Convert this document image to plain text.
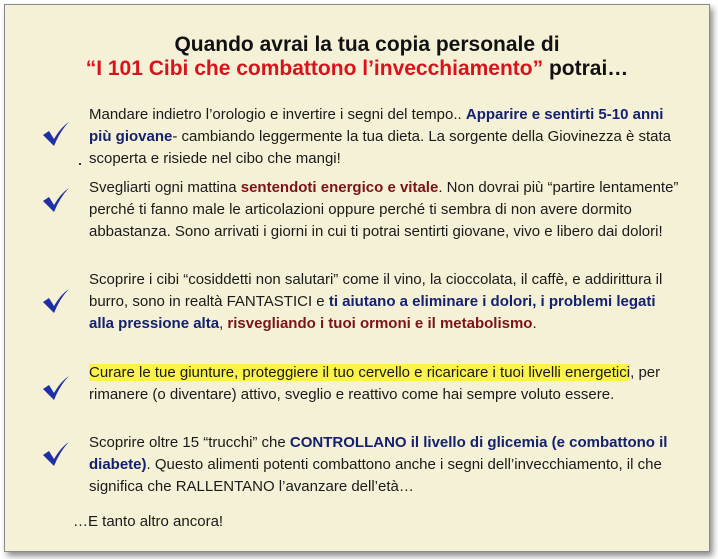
Quando avrai la tua copia personale di
“I 101 Cibi che combattono l’invecchiamento” potrai…
Mandare indietro l’orologio e invertire i segni del tempo.. Apparire e sentirti 5-10 anni più giovane- cambiando leggermente la tua dieta. La sorgente della Giovinezza è stata scoperta e risiede nel cibo che mangi!
Svegliarti ogni mattina sentendoti energico e vitale. Non dovrai più “partire lentamente” perché ti fanno male le articolazioni oppure perché ti sembra di non avere dormito abbastanza. Sono arrivati i giorni in cui ti potrai sentirti giovane, vivo e libero dai dolori!
Scoprire i cibi “cosiddetti non salutari” come il vino, la cioccolata, il caffè, e addirittura il burro, sono in realtà FANTASTICI e ti aiutano a eliminare i dolori, i problemi legati alla pressione alta, risvegliando i tuoi ormoni e il metabolismo.
Curare le tue giunture, proteggiere il tuo cervello e ricaricare i tuoi livelli energetici, per rimanere (o diventare) attivo, sveglio e reattivo come hai sempre voluto essere.
Scoprire oltre 15 “trucchi” che CONTROLLANO il livello di glicemia (e combattono il diabete). Questo alimenti potenti combattono anche i segni dell’invecchiamento, il che significa che RALLENTANO l’avanzare dell’età…
…E tanto altro ancora!
